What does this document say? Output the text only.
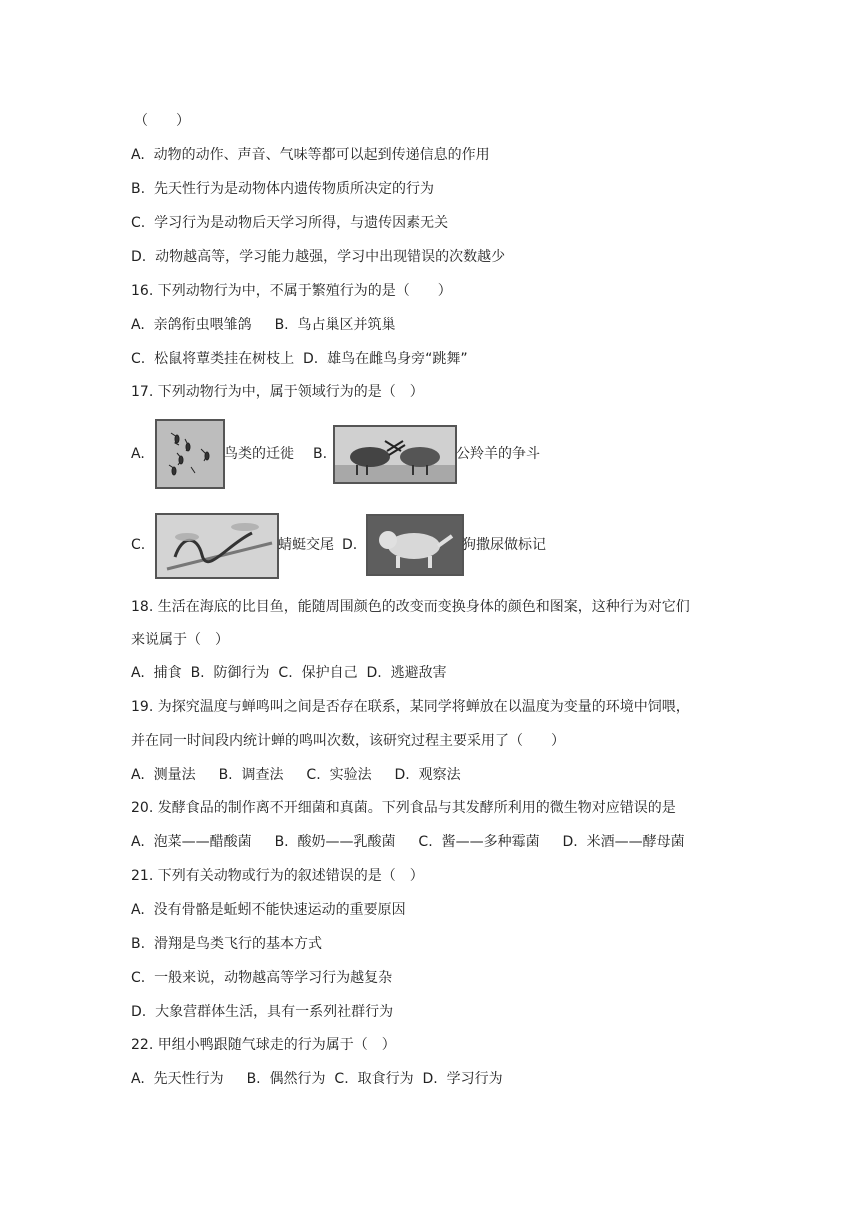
（　　）
A.  动物的动作、声音、气味等都可以起到传递信息的作用
B.  先天性行为是动物体内遗传物质所决定的行为
C.  学习行为是动物后天学习所得，与遗传因素无关
D.  动物越高等，学习能力越强，学习中出现错误的次数越少
16. 下列动物行为中，不属于繁殖行为的是（　　）
A.  亲鸽衔虫喂雏鸽　  B.  鸟占巢区并筑巢
C.  松鼠将蕈类挂在树枝上  D.  雄鸟在雌鸟身旁“跳舞”
17. 下列动物行为中，属于领域行为的是（　）
A.	鸟类的迁徙 B.	公羚羊的争斗
C.	蜻蜓交尾 D.	狗撒尿做标记
18. 生活在海底的比目鱼，能随周围颜色的改变而变换身体的颜色和图案，这种行为对它们
来说属于（　）
A.  捕食  B.  防御行为  C.  保护自己  D.  逃避敌害
19. 为探究温度与蝉鸣叫之间是否存在联系，某同学将蝉放在以温度为变量的环境中饲喂，
并在同一时间段内统计蝉的鸣叫次数，该研究过程主要采用了（　　）
A.  测量法　  B.  调查法　  C.  实验法　  D.  观察法
20. 发酵食品的制作离不开细菌和真菌。下列食品与其发酵所利用的微生物对应错误的是
A.  泡菜——醋酸菌　  B.  酸奶——乳酸菌　  C.  酱——多种霉菌　  D.  米酒——酵母菌
21. 下列有关动物或行为的叙述错误的是（　）
A.  没有骨骼是蚯蚓不能快速运动的重要原因
B.  滑翔是鸟类飞行的基本方式
C.  一般来说，动物越高等学习行为越复杂
D.  大象营群体生活，具有一系列社群行为
22. 甲组小鸭跟随气球走的行为属于（　）
A.  先天性行为　  B.  偶然行为  C.  取食行为  D.  学习行为
